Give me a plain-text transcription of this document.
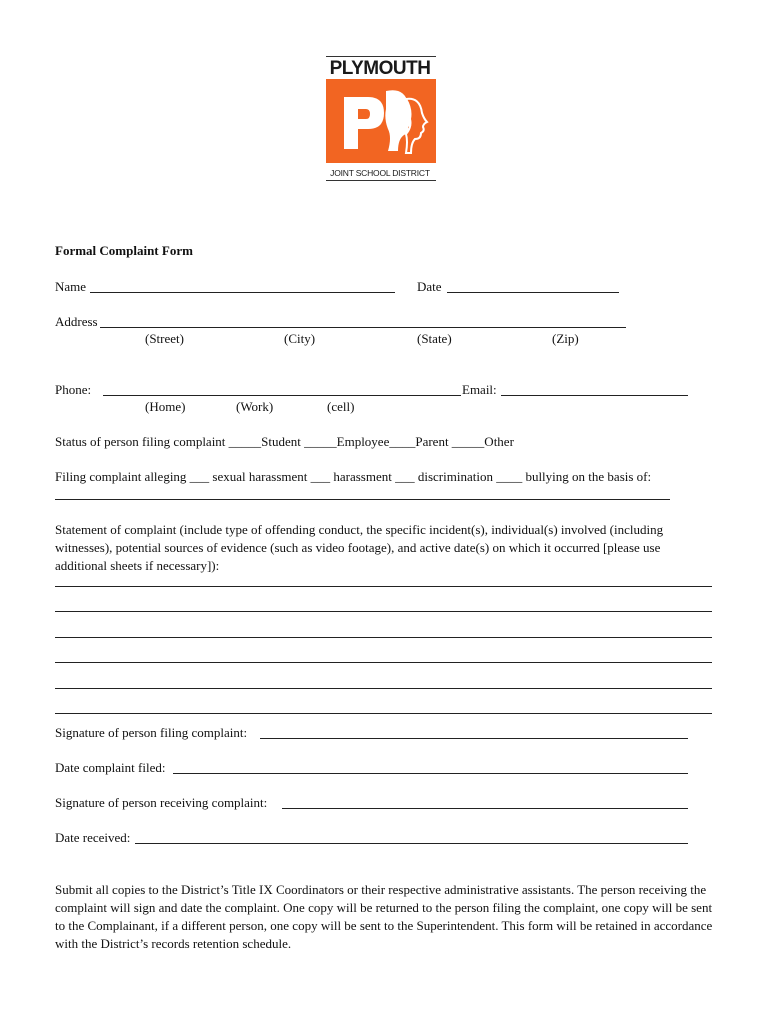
PLYMOUTH
JOINT SCHOOL DISTRICT
Formal Complaint Form
Name	Date
Address
(Street)	(City)	(State)	(Zip)
Phone:	Email:
(Home)	(Work)	(cell)
Status of person filing complaint _____Student _____Employee____Parent _____Other
Filing complaint alleging ___ sexual harassment ___ harassment ___ discrimination ____ bullying on the basis of:
Statement of complaint (include type of offending conduct, the specific incident(s), individual(s) involved (including witnesses), potential sources of evidence (such as video footage), and active date(s) on which it occurred [please use additional sheets if necessary]):
Signature of person filing complaint:
Date complaint filed:
Signature of person receiving complaint:
Date received:
Submit all copies to the District’s Title IX Coordinators or their respective administrative assistants. The person receiving the complaint will sign and date the complaint. One copy will be returned to the person filing the complaint, one copy will be sent to the Complainant, if a different person, one copy will be sent to the Superintendent. This form will be retained in accordance with the District’s records retention schedule.
